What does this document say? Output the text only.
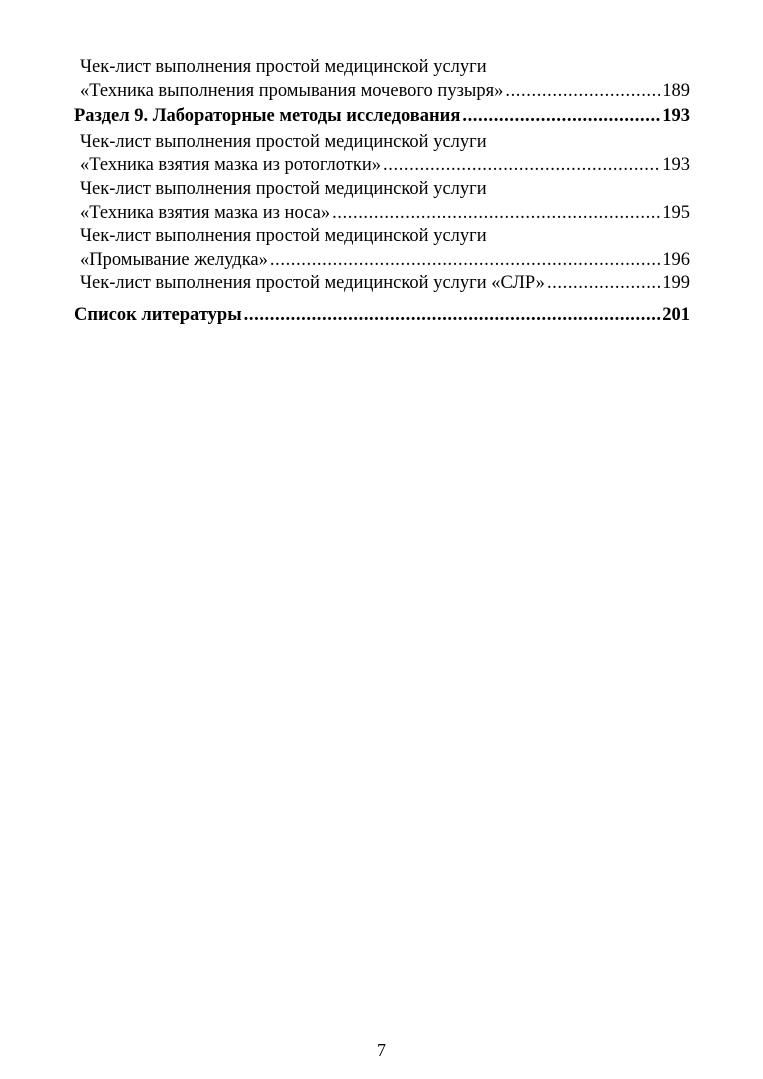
Чек-лист выполнения простой медицинской услуги
«Техника выполнения промывания мочевого пузыря» .....	189
Раздел 9. Лабораторные методы исследования .....	193
Чек-лист выполнения простой медицинской услуги
«Техника взятия мазка из ротоглотки» .....	193
Чек-лист выполнения простой медицинской услуги
«Техника взятия мазка из носа» .....	195
Чек-лист выполнения простой медицинской услуги
«Промывание желудка» .....	196
Чек-лист выполнения простой медицинской услуги «СЛР» .....	199
Список литературы .....	201
7
